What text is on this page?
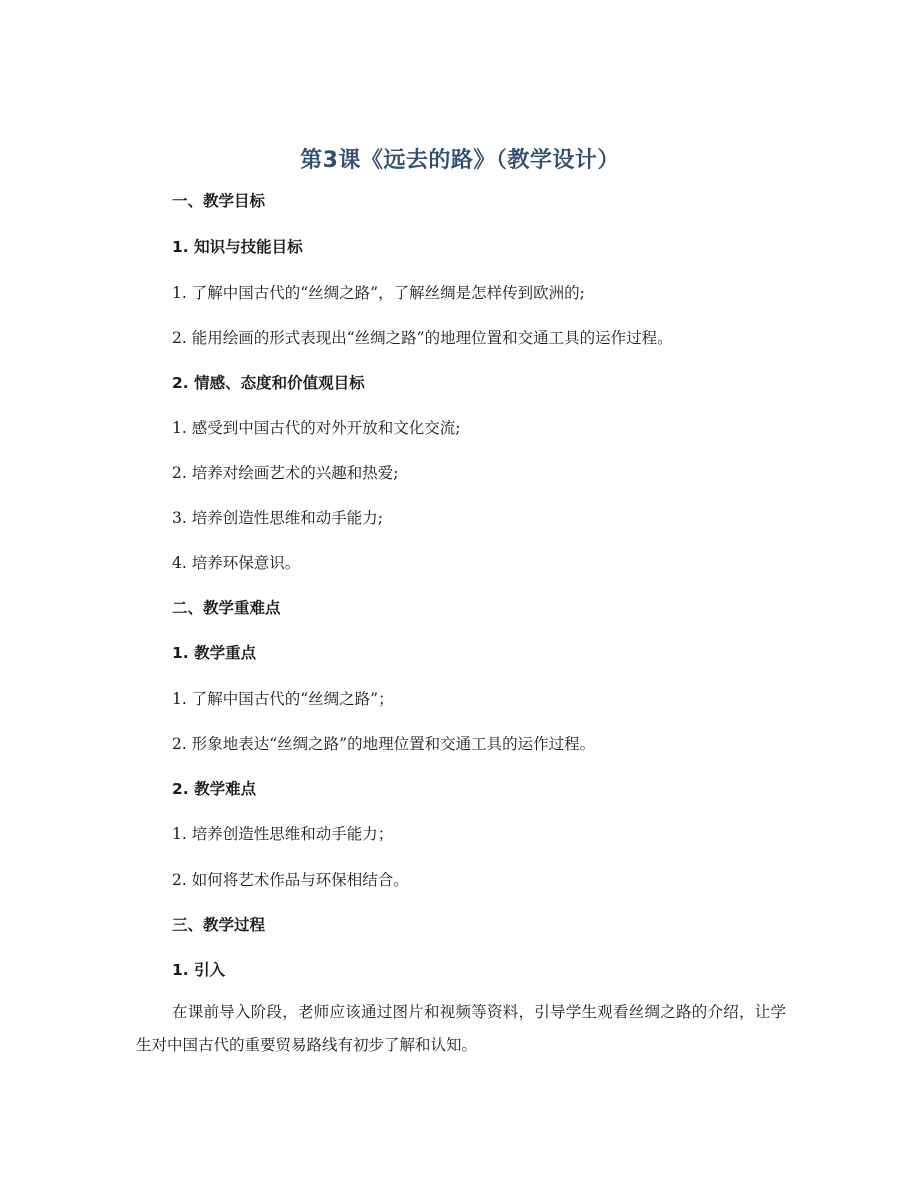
第3课《远去的路》（教学设计）
一、教学目标
1. 知识与技能目标
1. 了解中国古代的“丝绸之路”，了解丝绸是怎样传到欧洲的;
2. 能用绘画的形式表现出“丝绸之路”的地理位置和交通工具的运作过程。
2. 情感、态度和价值观目标
1. 感受到中国古代的对外开放和文化交流;
2. 培养对绘画艺术的兴趣和热爱;
3. 培养创造性思维和动手能力;
4. 培养环保意识。
二、教学重难点
1. 教学重点
1. 了解中国古代的“丝绸之路”；
2. 形象地表达“丝绸之路”的地理位置和交通工具的运作过程。
2. 教学难点
1. 培养创造性思维和动手能力；
2. 如何将艺术作品与环保相结合。
三、教学过程
1. 引入
在课前导入阶段，老师应该通过图片和视频等资料，引导学生观看丝绸之路的介绍，让学生对中国古代的重要贸易路线有初步了解和认知。
